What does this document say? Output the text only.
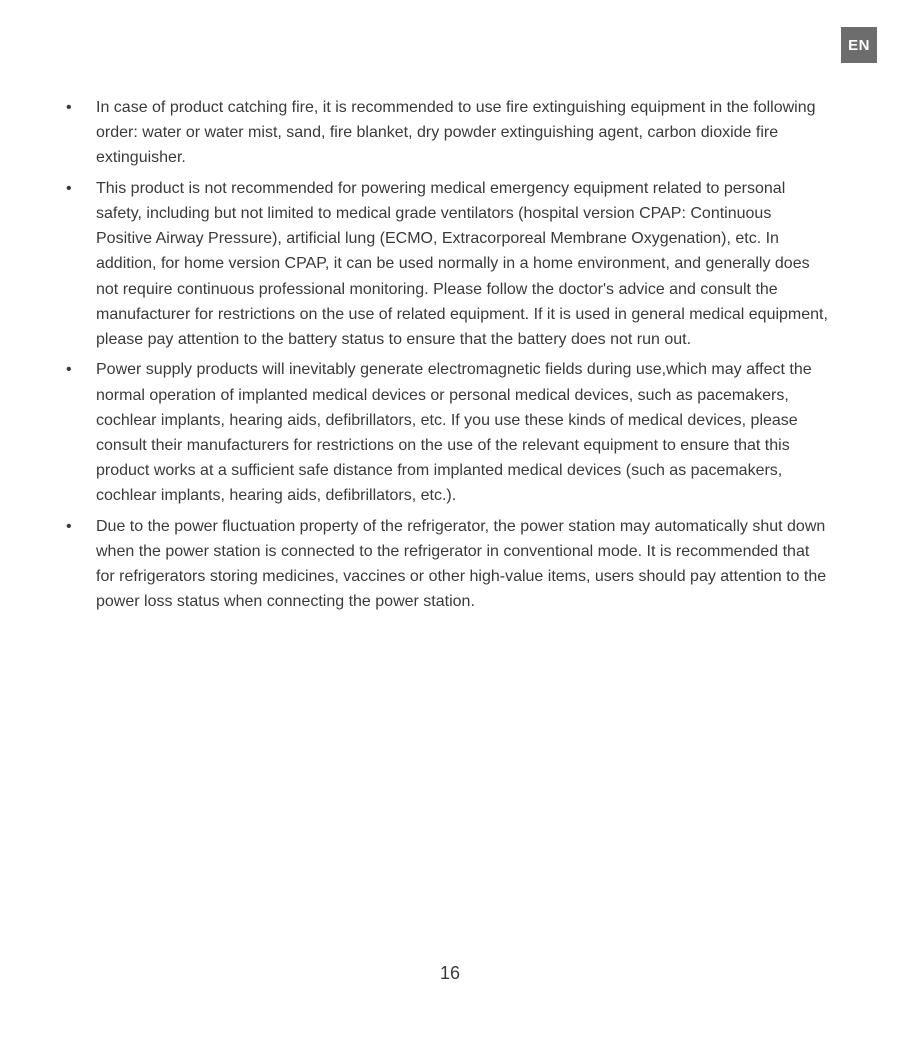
EN
• In case of product catching fire, it is recommended to use fire extinguishing equipment in the following order: water or water mist, sand, fire blanket, dry powder extinguishing agent, carbon dioxide fire extinguisher.
• This product is not recommended for powering medical emergency equipment related to personal safety, including but not limited to medical grade ventilators (hospital version CPAP: Continuous Positive Airway Pressure), artificial lung (ECMO, Extracorporeal Membrane Oxygenation), etc. In addition, for home version CPAP, it can be used normally in a home environment, and generally does not require continuous professional monitoring. Please follow the doctor's advice and consult the manufacturer for restrictions on the use of related equipment. If it is used in general medical equipment, please pay attention to the battery status to ensure that the battery does not run out.
• Power supply products will inevitably generate electromagnetic fields during use,which may affect the normal operation of implanted medical devices or personal medical devices, such as pacemakers, cochlear implants, hearing aids, defibrillators, etc. If you use these kinds of medical devices, please consult their manufacturers for restrictions on the use of the relevant equipment to ensure that this product works at a sufficient safe distance from implanted medical devices (such as pacemakers, cochlear implants, hearing aids, defibrillators, etc.).
• Due to the power fluctuation property of the refrigerator, the power station may automatically shut down when the power station is connected to the refrigerator in conventional mode. It is recommended that for refrigerators storing medicines, vaccines or other high-value items, users should pay attention to the power loss status when connecting the power station.
16
